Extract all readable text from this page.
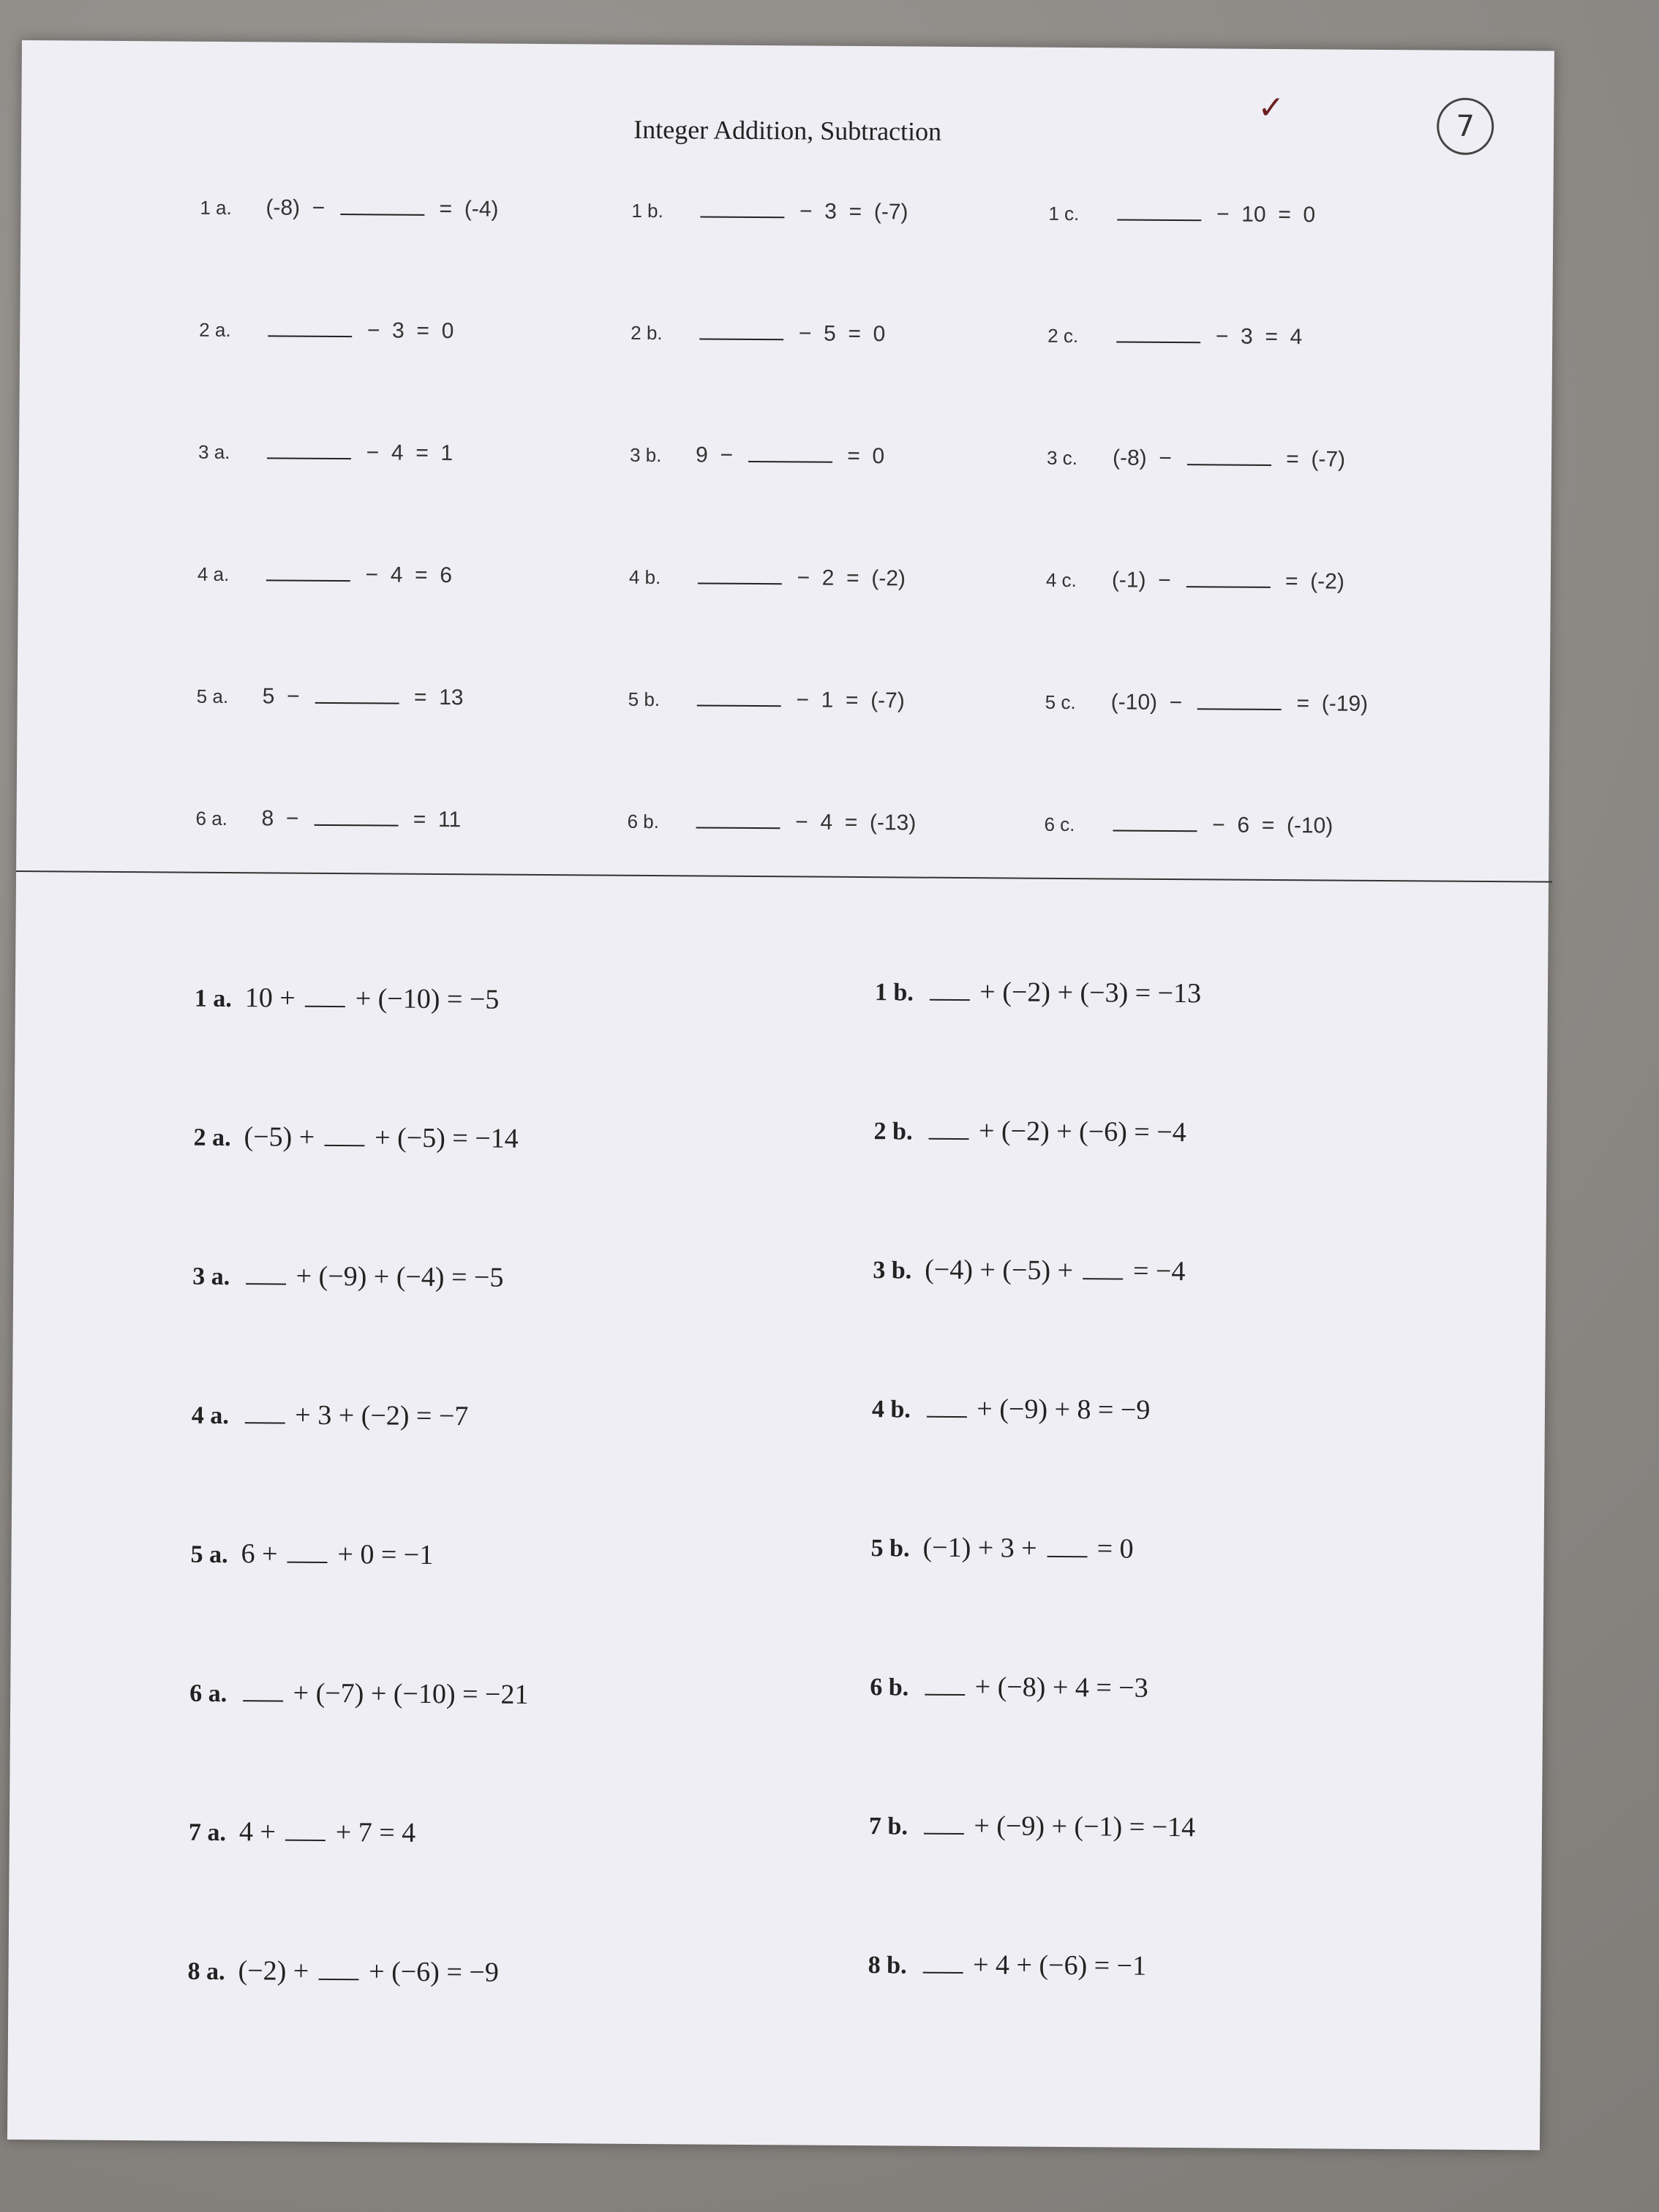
Integer Addition, Subtraction
✓	7
1 a.	(-8)  −	=  (-4)	1 b.	−  3  =  (-7)	1 c.	−  10  =  0
2 a.	−  3  =  0	2 b.	−  5  =  0	2 c.	−  3  =  4
3 a.	−  4  =  1	3 b.	9  −	=  0	3 c.	(-8)  −	=  (-7)
4 a.	−  4  =  6	4 b.	−  2  =  (-2)	4 c.	(-1)  −	=  (-2)
5 a.	5  −	=  13	5 b.	−  1  =  (-7)	5 c.	(-10)  −	=  (-19)
6 a.	8  −	=  11	6 b.	−  4  =  (-13)	6 c.	−  6  =  (-10)
1 a. 10 + + (−10) = −5	1 b. + (−2) + (−3) = −13
2 a. (−5) + + (−5) = −14	2 b. + (−2) + (−6) = −4
3 a. + (−9) + (−4) = −5	3 b. (−4) + (−5) + = −4
4 a. + 3 + (−2) = −7	4 b. + (−9) + 8 = −9
5 a. 6 + + 0 = −1	5 b. (−1) + 3 + = 0
6 a. + (−7) + (−10) = −21	6 b. + (−8) + 4 = −3
7 a. 4 + + 7 = 4	7 b. + (−9) + (−1) = −14
8 a. (−2) + + (−6) = −9	8 b. + 4 + (−6) = −1
